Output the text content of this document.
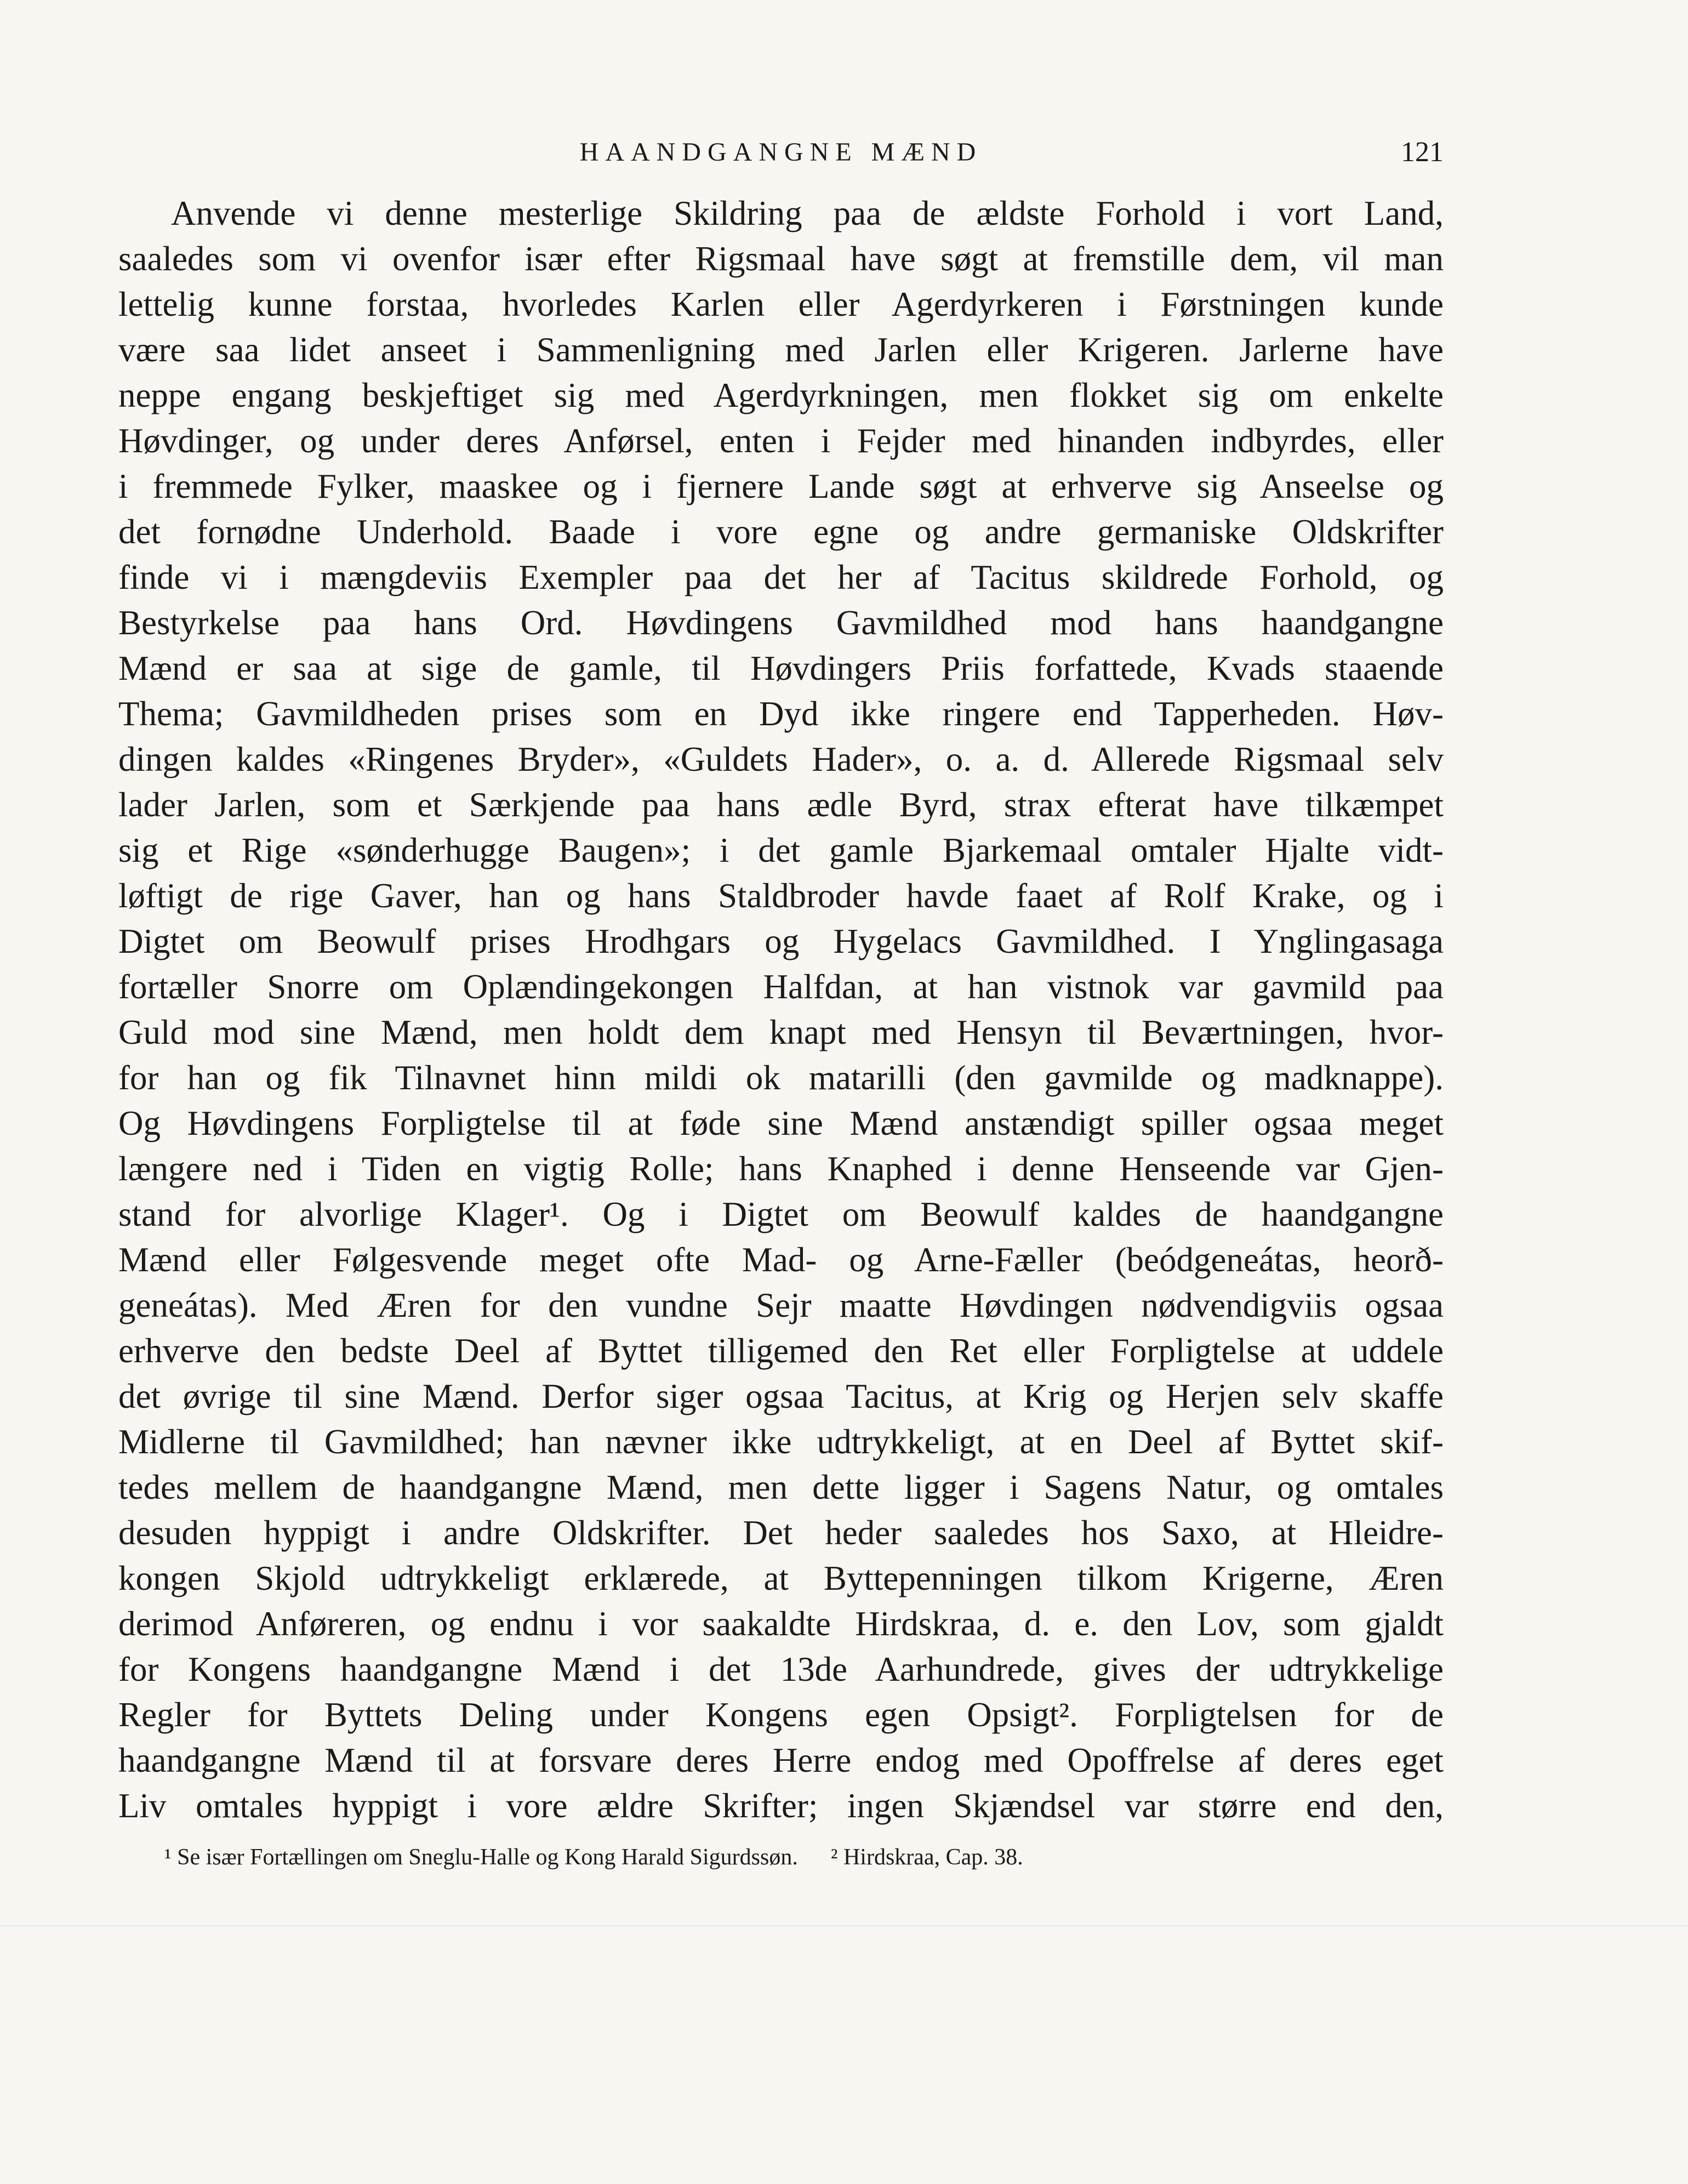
HAANDGANGNE MÆND	121
Anvende vi denne mesterlige Skildring paa de ældste Forhold i vort Land,
saaledes som vi ovenfor især efter Rigsmaal have søgt at fremstille dem, vil man
lettelig kunne forstaa, hvorledes Karlen eller Agerdyrkeren i Førstningen kunde
være saa lidet anseet i Sammenligning med Jarlen eller Krigeren. Jarlerne have
neppe engang beskjeftiget sig med Agerdyrkningen, men flokket sig om enkelte
Høvdinger, og under deres Anførsel, enten i Fejder med hinanden indbyrdes, eller
i fremmede Fylker, maaskee og i fjernere Lande søgt at erhverve sig Anseelse og
det fornødne Underhold. Baade i vore egne og andre germaniske Oldskrifter
finde vi i mængdeviis Exempler paa det her af Tacitus skildrede Forhold, og
Bestyrkelse paa hans Ord. Høvdingens Gavmildhed mod hans haandgangne
Mænd er saa at sige de gamle, til Høvdingers Priis forfattede, Kvads staaende
Thema; Gavmildheden prises som en Dyd ikke ringere end Tapperheden. Høv-
dingen kaldes «Ringenes Bryder», «Guldets Hader», o. a. d. Allerede Rigsmaal selv
lader Jarlen, som et Særkjende paa hans ædle Byrd, strax efterat have tilkæmpet
sig et Rige «sønderhugge Baugen»; i det gamle Bjarkemaal omtaler Hjalte vidt-
løftigt de rige Gaver, han og hans Staldbroder havde faaet af Rolf Krake, og i
Digtet om Beowulf prises Hrodhgars og Hygelacs Gavmildhed. I Ynglingasaga
fortæller Snorre om Oplændingekongen Halfdan, at han vistnok var gavmild paa
Guld mod sine Mænd, men holdt dem knapt med Hensyn til Beværtningen, hvor-
for han og fik Tilnavnet hinn mildi ok matarilli (den gavmilde og madknappe).
Og Høvdingens Forpligtelse til at føde sine Mænd anstændigt spiller ogsaa meget
længere ned i Tiden en vigtig Rolle; hans Knaphed i denne Henseende var Gjen-
stand for alvorlige Klager¹. Og i Digtet om Beowulf kaldes de haandgangne
Mænd eller Følgesvende meget ofte Mad- og Arne-Fæller (beódgeneátas, heorð-
geneátas). Med Æren for den vundne Sejr maatte Høvdingen nødvendigviis ogsaa
erhverve den bedste Deel af Byttet tilligemed den Ret eller Forpligtelse at uddele
det øvrige til sine Mænd. Derfor siger ogsaa Tacitus, at Krig og Herjen selv skaffe
Midlerne til Gavmildhed; han nævner ikke udtrykkeligt, at en Deel af Byttet skif-
tedes mellem de haandgangne Mænd, men dette ligger i Sagens Natur, og omtales
desuden hyppigt i andre Oldskrifter. Det heder saaledes hos Saxo, at Hleidre-
kongen Skjold udtrykkeligt erklærede, at Byttepenningen tilkom Krigerne, Æren
derimod Anføreren, og endnu i vor saakaldte Hirdskraa, d. e. den Lov, som gjaldt
for Kongens haandgangne Mænd i det 13de Aarhundrede, gives der udtrykkelige
Regler for Byttets Deling under Kongens egen Opsigt². Forpligtelsen for de
haandgangne Mænd til at forsvare deres Herre endog med Opoffrelse af deres eget
Liv omtales hyppigt i vore ældre Skrifter; ingen Skjændsel var større end den,
¹ Se især Fortællingen om Sneglu-Halle og Kong Harald Sigurdssøn. ² Hirdskraa, Cap. 38.
